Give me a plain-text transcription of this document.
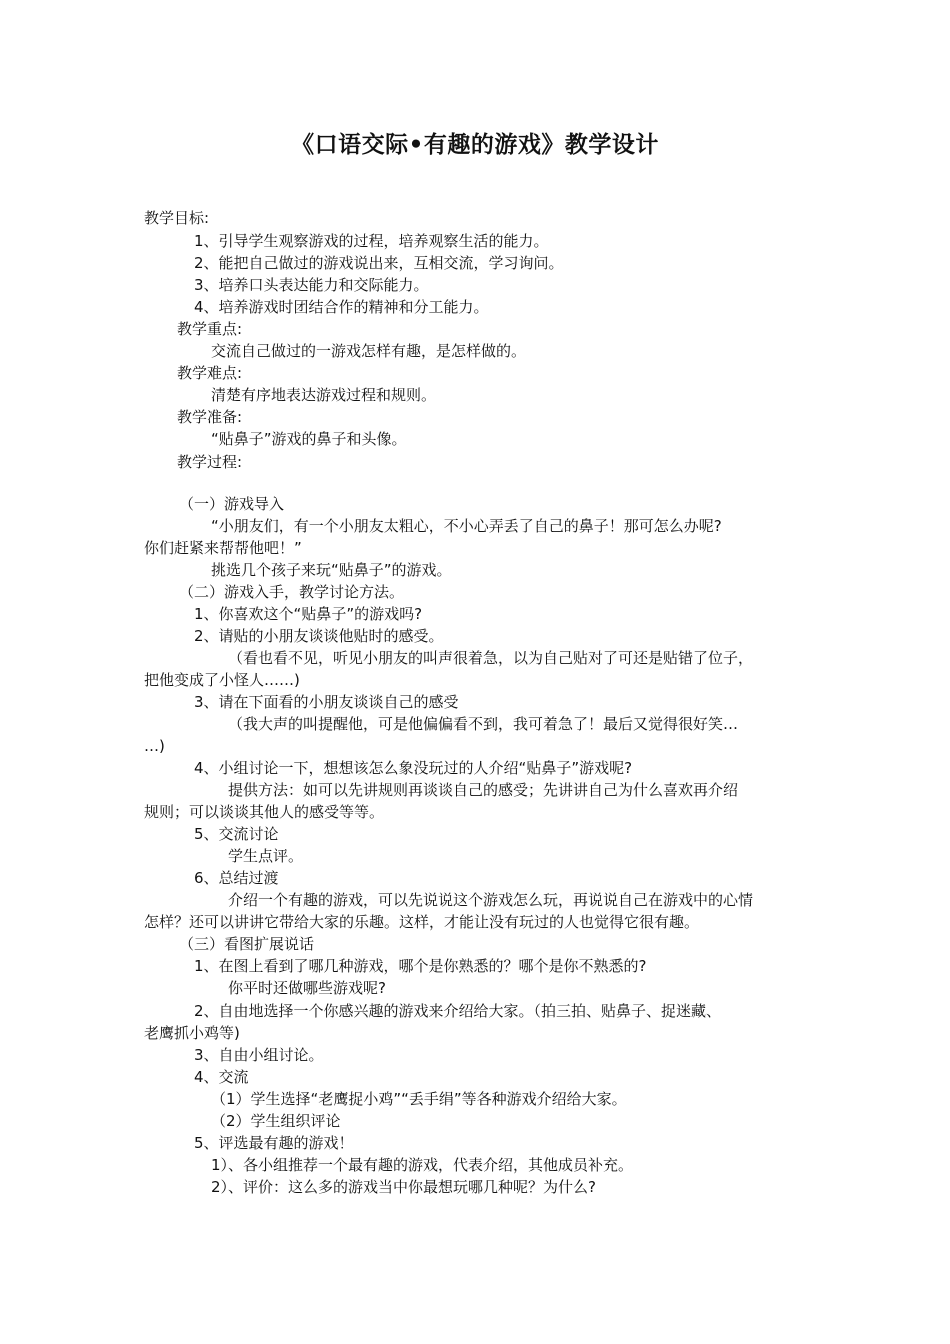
《口语交际•有趣的游戏》教学设计

教学目标:

1、引导学生观察游戏的过程，培养观察生活的能力。

2、能把自己做过的游戏说出来，互相交流，学习询问。

3、培养口头表达能力和交际能力。

4、培养游戏时团结合作的精神和分工能力。

教学重点:

交流自己做过的一游戏怎样有趣，是怎样做的。

教学难点:

清楚有序地表达游戏过程和规则。

教学准备:

“贴鼻子”游戏的鼻子和头像。

教学过程:

（一）游戏导入

“小朋友们，有一个小朋友太粗心，不小心弄丢了自己的鼻子！那可怎么办呢?

你们赶紧来帮帮他吧！”

挑选几个孩子来玩“贴鼻子”的游戏。

（二）游戏入手，教学讨论方法。

1、你喜欢这个“贴鼻子”的游戏吗?

2、请贴的小朋友谈谈他贴时的感受。

（看也看不见，听见小朋友的叫声很着急，以为自己贴对了可还是贴错了位子，

把他变成了小怪人……)

3、请在下面看的小朋友谈谈自己的感受

（我大声的叫提醒他，可是他偏偏看不到，我可着急了！最后又觉得很好笑…

…)

4、小组讨论一下，想想该怎么象没玩过的人介绍“贴鼻子”游戏呢?

提供方法：如可以先讲规则再谈谈自己的感受；先讲讲自己为什么喜欢再介绍

规则；可以谈谈其他人的感受等等。

5、交流讨论

学生点评。

6、总结过渡

介绍一个有趣的游戏，可以先说说这个游戏怎么玩，再说说自己在游戏中的心情

怎样？还可以讲讲它带给大家的乐趣。这样，才能让没有玩过的人也觉得它很有趣。

（三）看图扩展说话

1、在图上看到了哪几种游戏，哪个是你熟悉的？哪个是你不熟悉的?

你平时还做哪些游戏呢?

2、自由地选择一个你感兴趣的游戏来介绍给大家。（拍三拍、贴鼻子、捉迷藏、

老鹰抓小鸡等)

3、自由小组讨论。

4、交流

（1）学生选择“老鹰捉小鸡”“丢手绢”等各种游戏介绍给大家。

（2）学生组织评论

5、评选最有趣的游戏！

1）、各小组推荐一个最有趣的游戏，代表介绍，其他成员补充。

2）、评价：这么多的游戏当中你最想玩哪几种呢？为什么?
